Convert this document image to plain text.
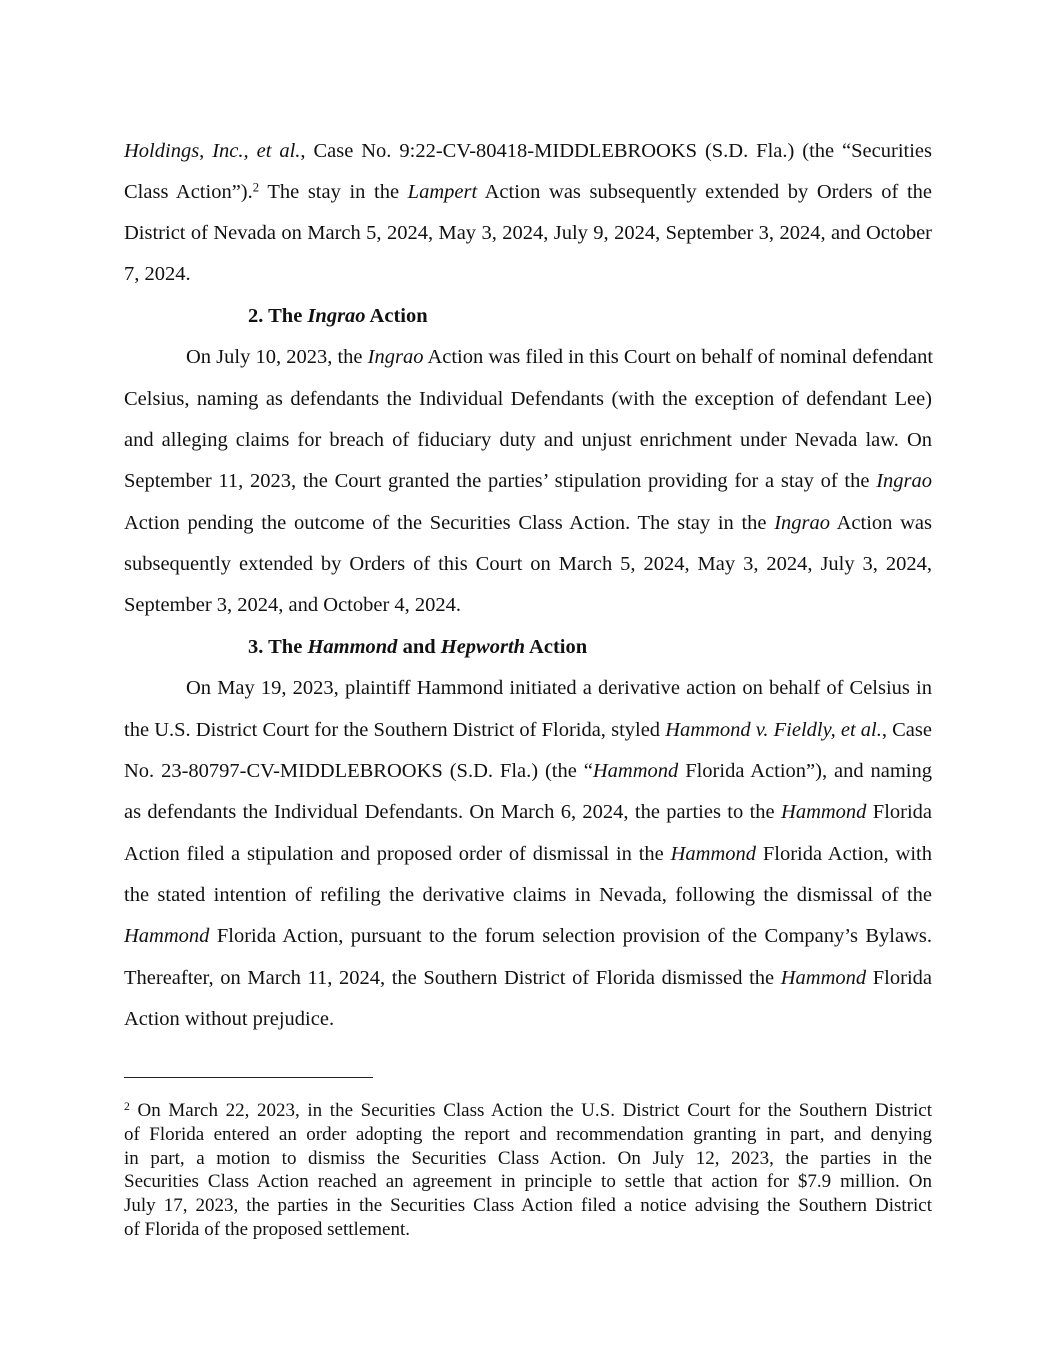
Holdings, Inc., et al., Case No. 9:22-CV-80418-MIDDLEBROOKS (S.D. Fla.) (the “Securities
Class Action”).$^2$ The stay in the Lampert Action was subsequently extended by Orders of the
District of Nevada on March 5, 2024, May 3, 2024, July 9, 2024, September 3, 2024, and October
7, 2024.
2. The Ingrao Action
On July 10, 2023, the Ingrao Action was filed in this Court on behalf of nominal defendant
Celsius, naming as defendants the Individual Defendants (with the exception of defendant Lee)
and alleging claims for breach of fiduciary duty and unjust enrichment under Nevada law. On
September 11, 2023, the Court granted the parties’ stipulation providing for a stay of the Ingrao
Action pending the outcome of the Securities Class Action. The stay in the Ingrao Action was
subsequently extended by Orders of this Court on March 5, 2024, May 3, 2024, July 3, 2024,
September 3, 2024, and October 4, 2024.
3. The Hammond and Hepworth Action
On May 19, 2023, plaintiff Hammond initiated a derivative action on behalf of Celsius in
the U.S. District Court for the Southern District of Florida, styled Hammond v. Fieldly, et al., Case
No. 23-80797-CV-MIDDLEBROOKS (S.D. Fla.) (the “Hammond Florida Action”), and naming
as defendants the Individual Defendants. On March 6, 2024, the parties to the Hammond Florida
Action filed a stipulation and proposed order of dismissal in the Hammond Florida Action, with
the stated intention of refiling the derivative claims in Nevada, following the dismissal of the
Hammond Florida Action, pursuant to the forum selection provision of the Company’s Bylaws.
Thereafter, on March 11, 2024, the Southern District of Florida dismissed the Hammond Florida
Action without prejudice.
$^2$ On March 22, 2023, in the Securities Class Action the U.S. District Court for the Southern District
of Florida entered an order adopting the report and recommendation granting in part, and denying
in part, a motion to dismiss the Securities Class Action. On July 12, 2023, the parties in the
Securities Class Action reached an agreement in principle to settle that action for $7.9 million. On
July 17, 2023, the parties in the Securities Class Action filed a notice advising the Southern District
of Florida of the proposed settlement.
